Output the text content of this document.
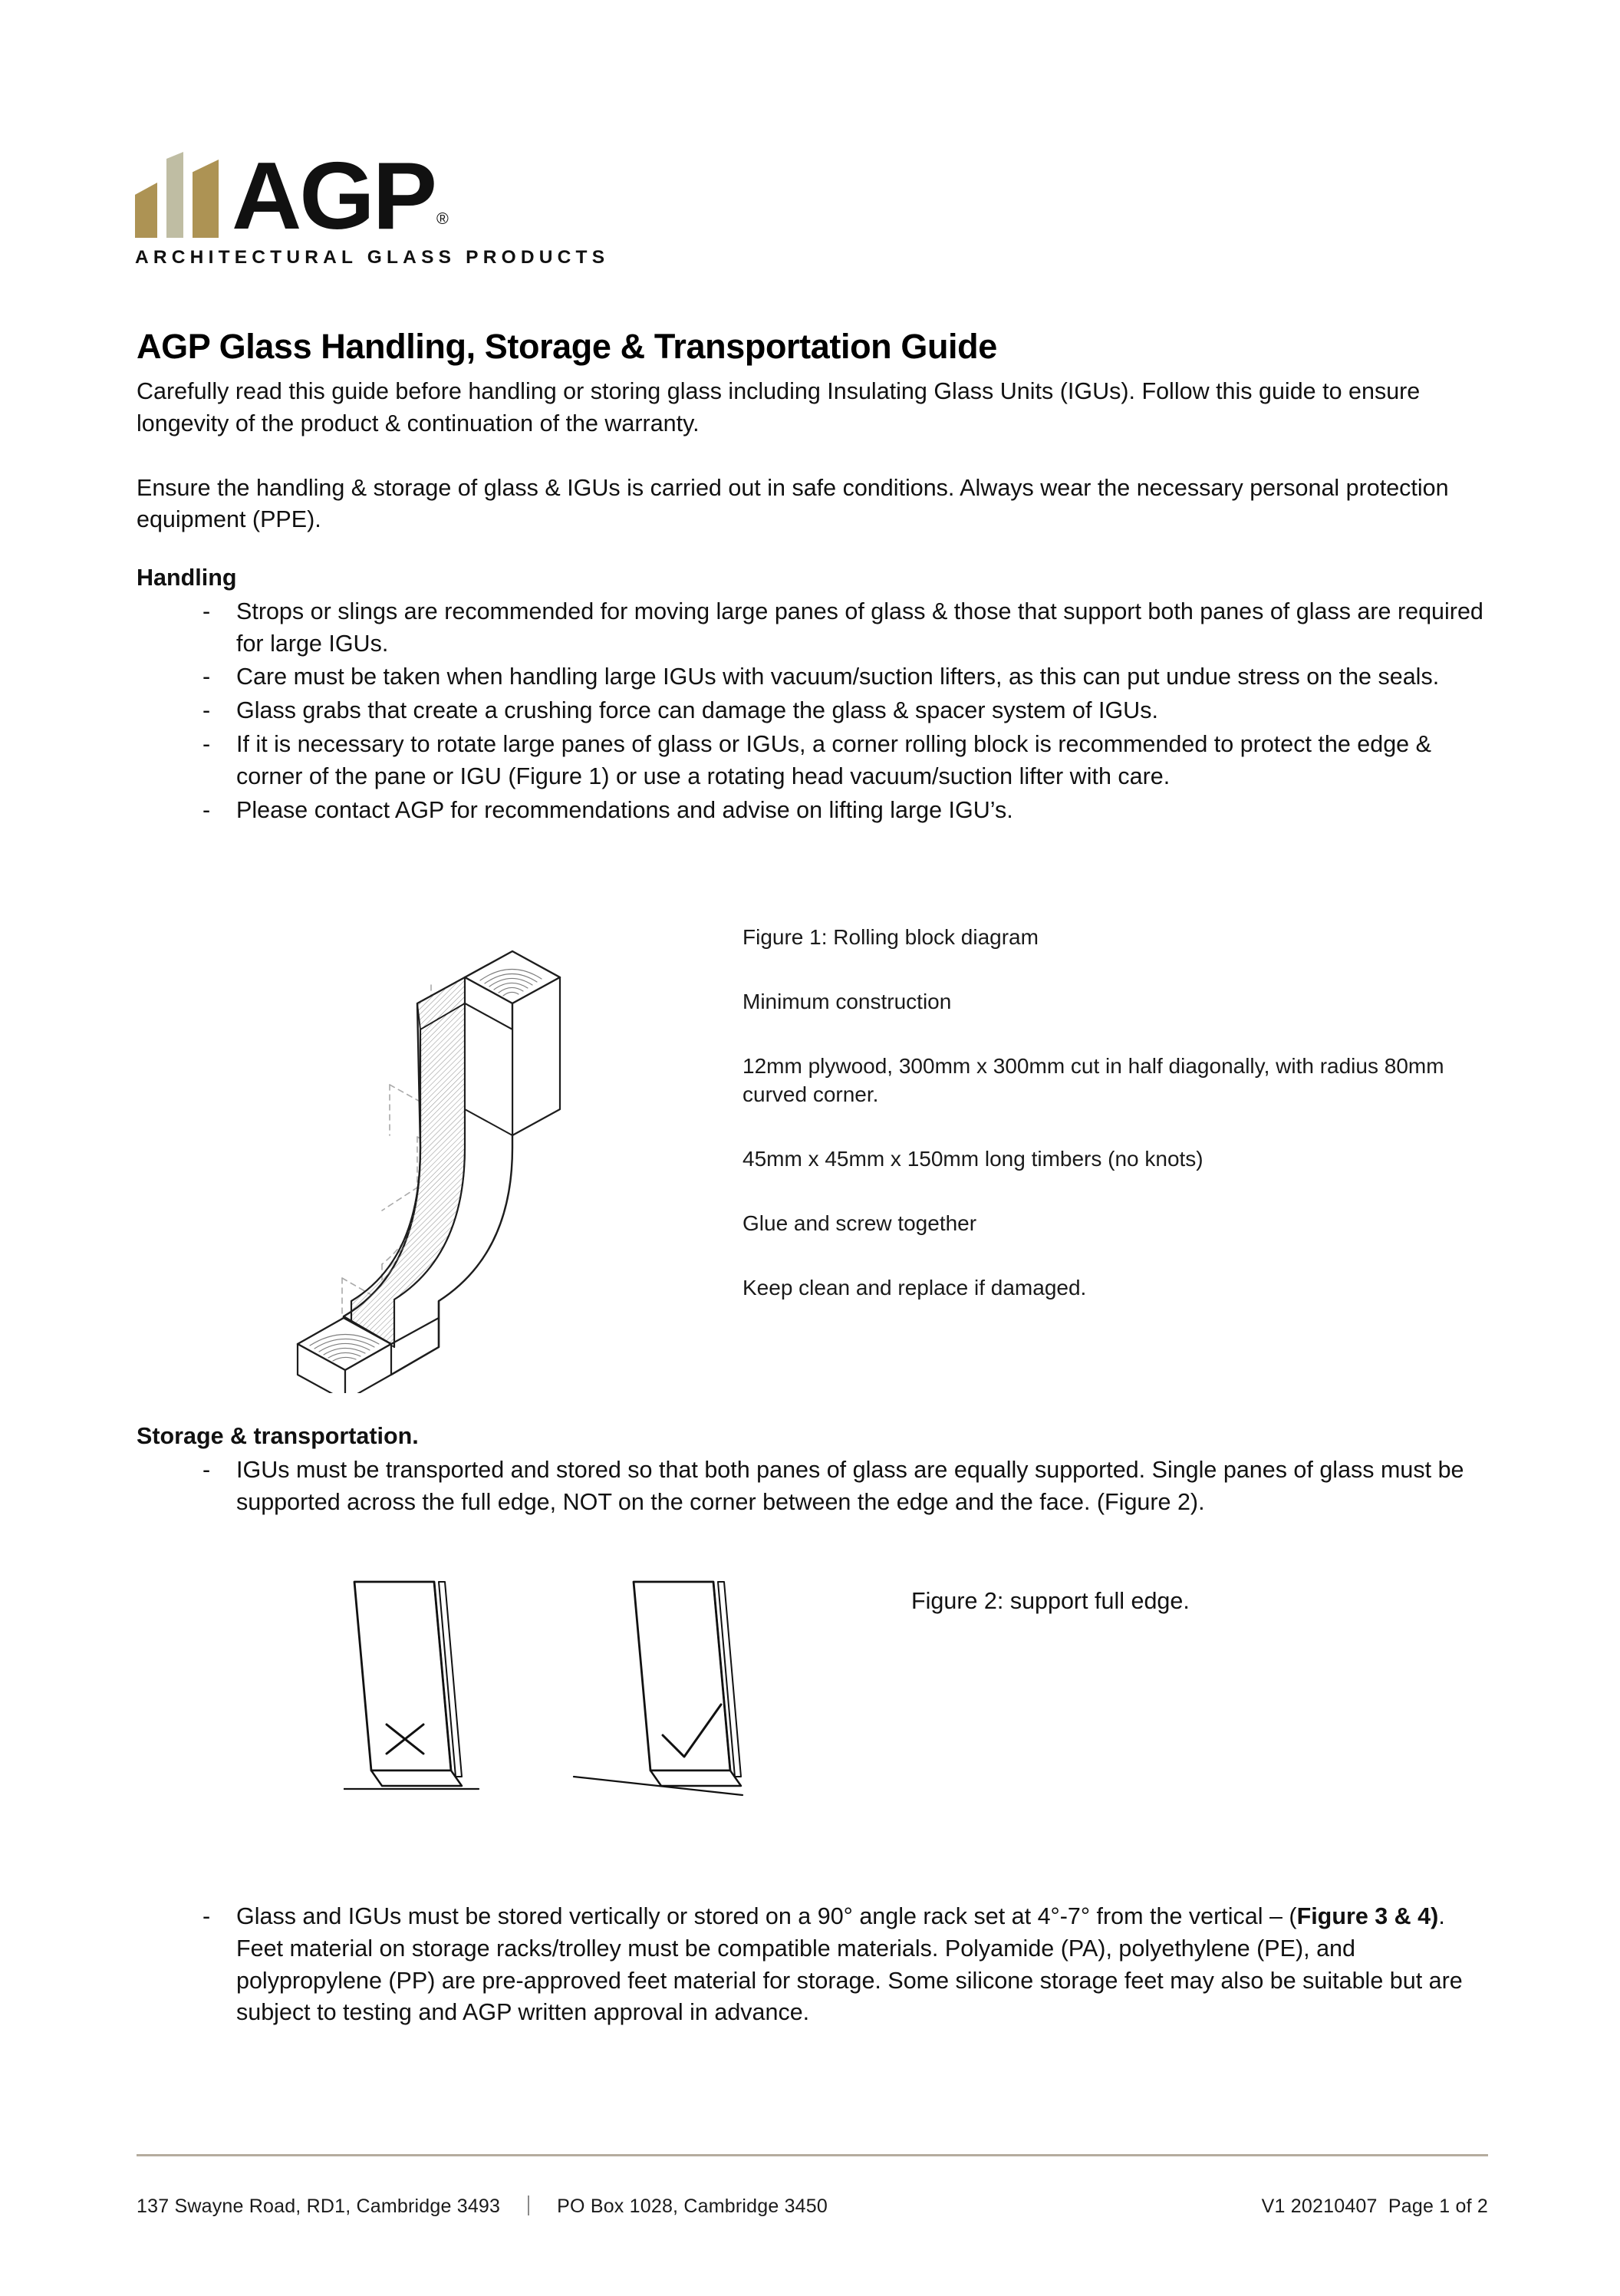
AGP®
ARCHITECTURAL GLASS PRODUCTS
AGP Glass Handling, Storage & Transportation Guide

Carefully read this guide before handling or storing glass including Insulating Glass Units (IGUs). Follow this guide to ensure longevity of the product & continuation of the warranty.

Ensure the handling & storage of glass & IGUs is carried out in safe conditions. Always wear the necessary personal protection equipment (PPE).

Handling
- Strops or slings are recommended for moving large panes of glass & those that support both panes of glass are required for large IGUs.
- Care must be taken when handling large IGUs with vacuum/suction lifters, as this can put undue stress on the seals.
- Glass grabs that create a crushing force can damage the glass & spacer system of IGUs.
- If it is necessary to rotate large panes of glass or IGUs, a corner rolling block is recommended to protect the edge & corner of the pane or IGU (Figure 1) or use a rotating head vacuum/suction lifter with care.
- Please contact AGP for recommendations and advise on lifting large IGU’s.
Figure 1: Rolling block diagram
Minimum construction
12mm plywood, 300mm x 300mm cut in half diagonally, with radius 80mm curved corner.
45mm x 45mm x 150mm long timbers (no knots)
Glue and screw together
Keep clean and replace if damaged.
Storage & transportation.
- IGUs must be transported and stored so that both panes of glass are equally supported. Single panes of glass must be supported across the full edge, NOT on the corner between the edge and the face. (Figure 2).
Figure 2: support full edge.
- Glass and IGUs must be stored vertically or stored on a 90° angle rack set at 4°-7° from the vertical – (Figure 3 & 4). Feet material on storage racks/trolley must be compatible materials. Polyamide (PA), polyethylene (PE), and polypropylene (PP) are pre-approved feet material for storage. Some silicone storage feet may also be suitable but are subject to testing and AGP written approval in advance.
137 Swayne Road, RD1, Cambridge 3493	PO Box 1028, Cambridge 3450	V1 20210407  Page 1 of 2
